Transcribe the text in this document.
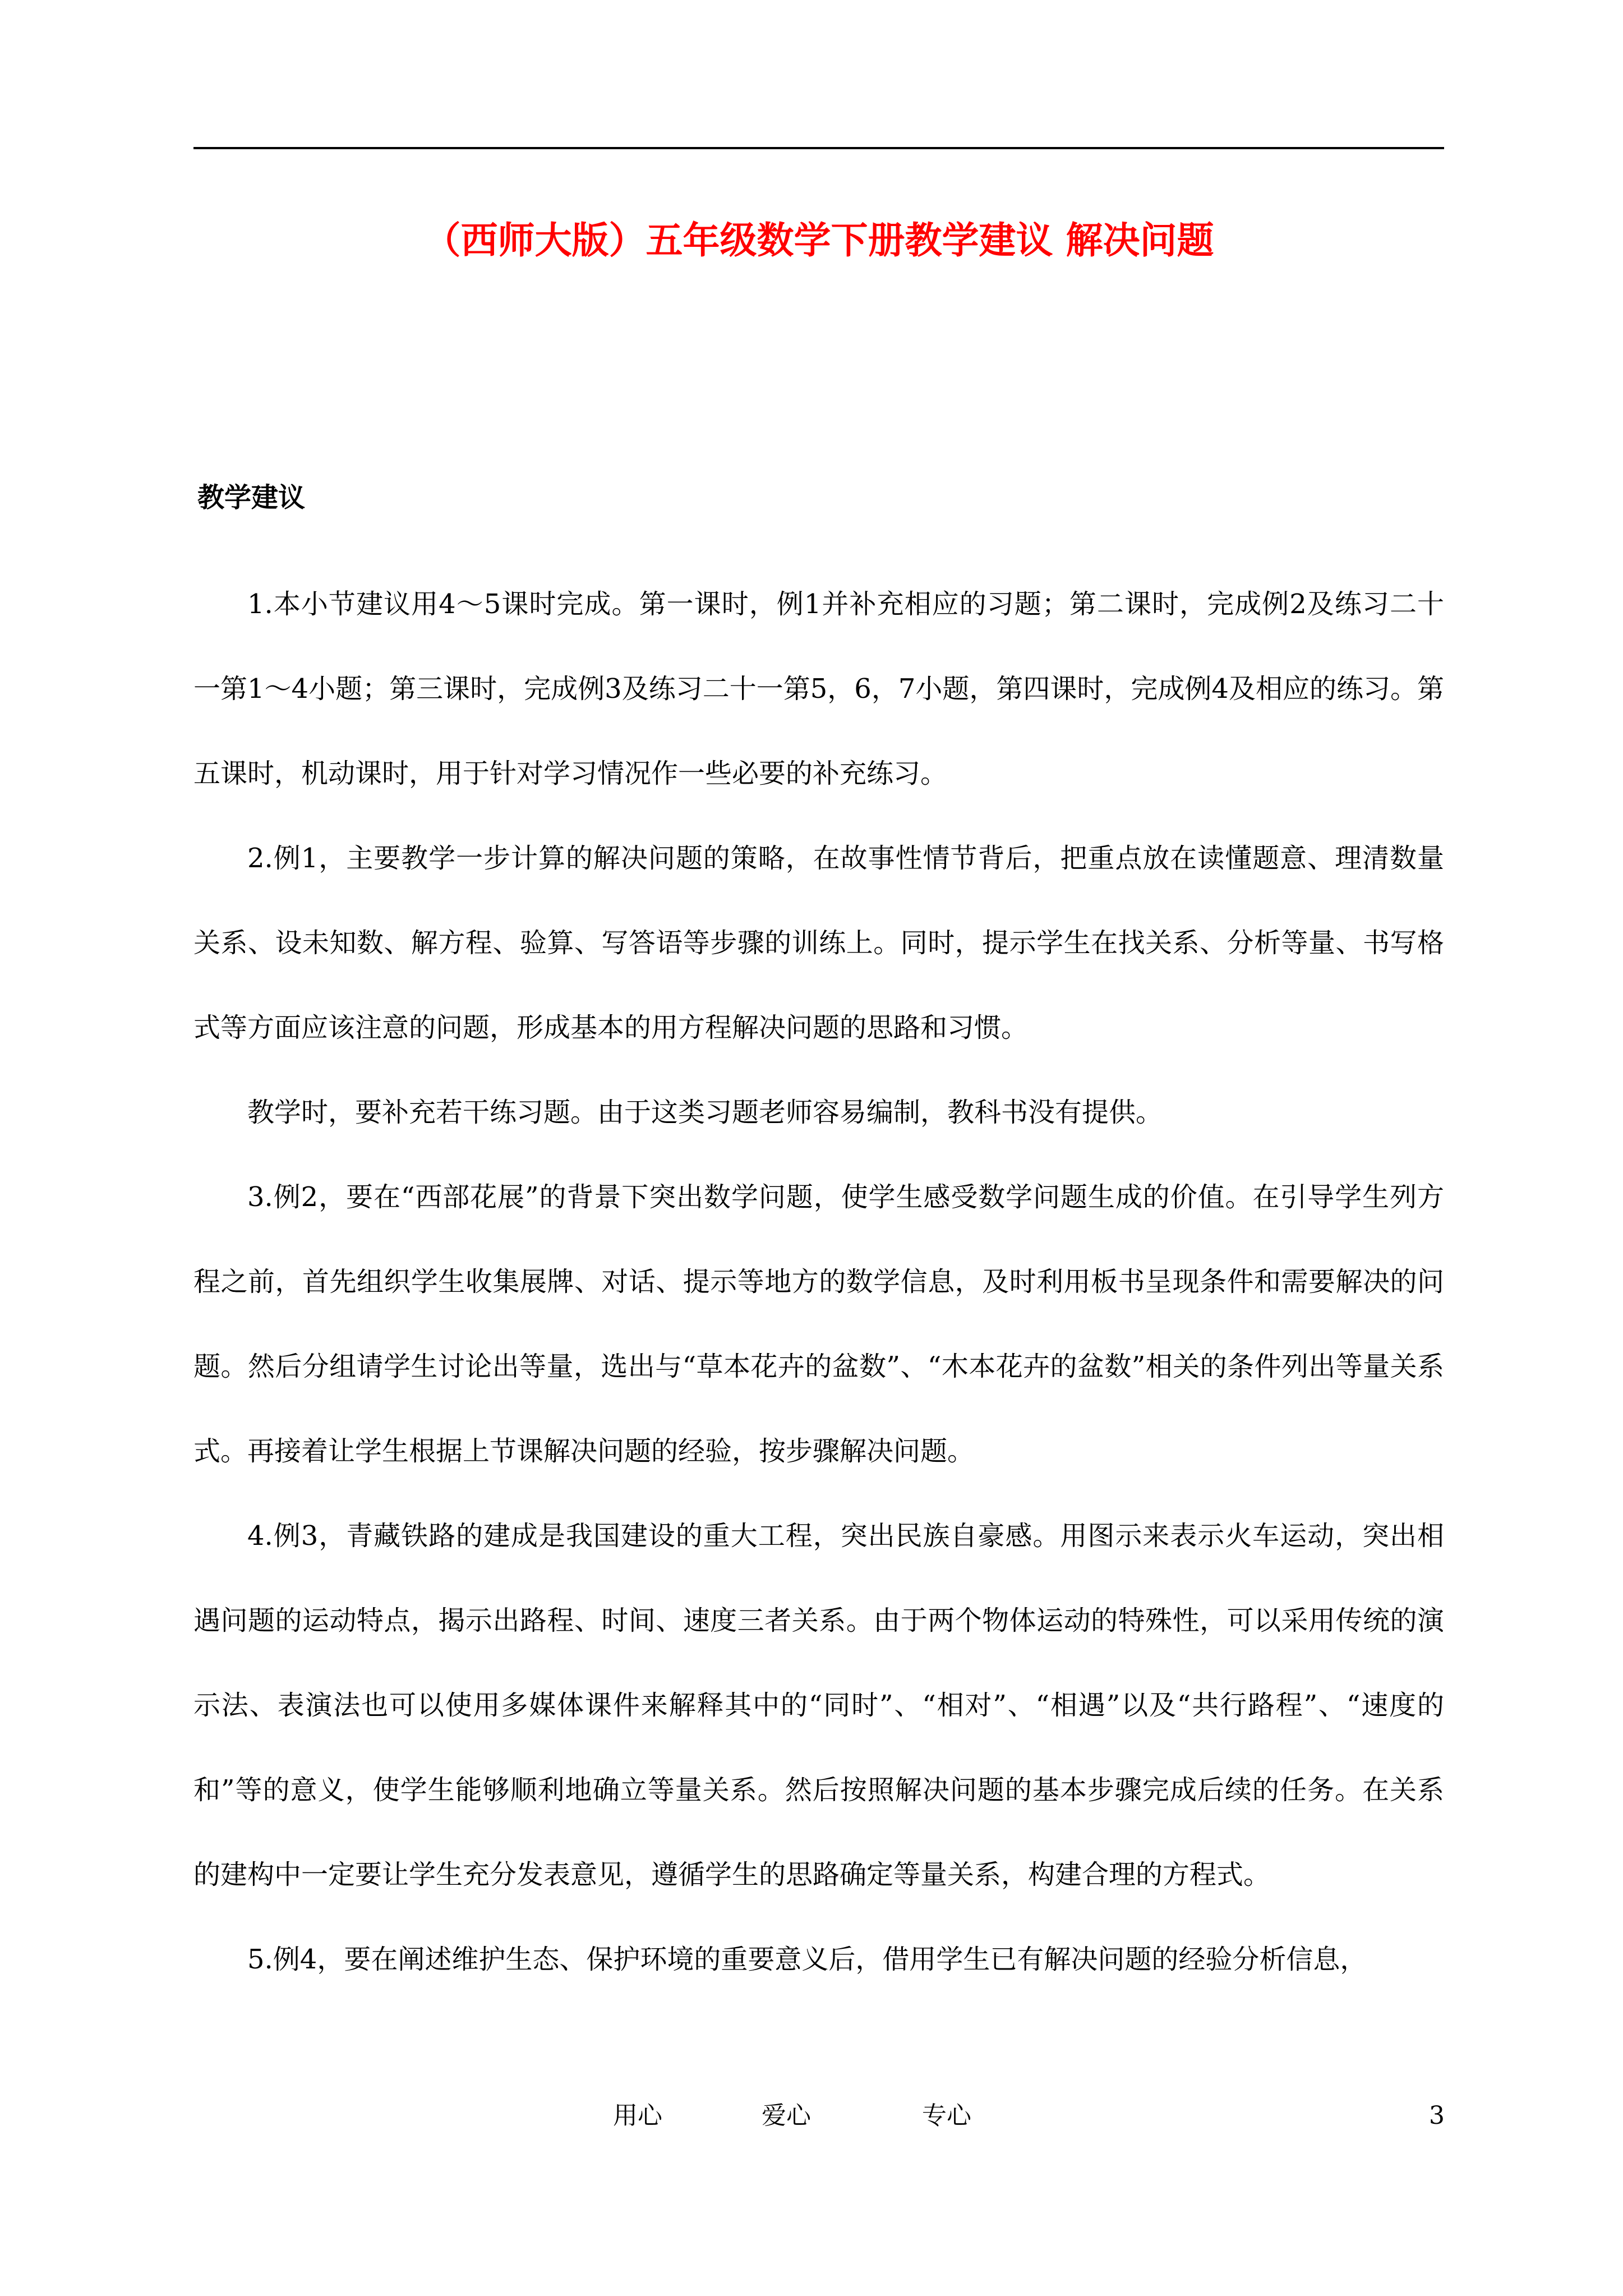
（西师大版）五年级数学下册教学建议 解决问题
教学建议

1.本小节建议用4～5课时完成。第一课时，例1并补充相应的习题；第二课时，完成例2及练习二十一第1～4小题；第三课时，完成例3及练习二十一第5，6，7小题，第四课时，完成例4及相应的练习。第五课时，机动课时，用于针对学习情况作一些必要的补充练习。

2.例1，主要教学一步计算的解决问题的策略，在故事性情节背后，把重点放在读懂题意、理清数量关系、设未知数、解方程、验算、写答语等步骤的训练上。同时，提示学生在找关系、分析等量、书写格式等方面应该注意的问题，形成基本的用方程解决问题的思路和习惯。

教学时，要补充若干练习题。由于这类习题老师容易编制，教科书没有提供。

3.例2，要在“西部花展”的背景下突出数学问题，使学生感受数学问题生成的价值。在引导学生列方程之前，首先组织学生收集展牌、对话、提示等地方的数学信息，及时利用板书呈现条件和需要解决的问题。然后分组请学生讨论出等量，选出与“草本花卉的盆数”、“木本花卉的盆数”相关的条件列出等量关系式。再接着让学生根据上节课解决问题的经验，按步骤解决问题。

4.例3，青藏铁路的建成是我国建设的重大工程，突出民族自豪感。用图示来表示火车运动，突出相遇问题的运动特点，揭示出路程、时间、速度三者关系。由于两个物体运动的特殊性，可以采用传统的演示法、表演法也可以使用多媒体课件来解释其中的“同时”、“相对”、“相遇”以及“共行路程”、“速度的和”等的意义，使学生能够顺利地确立等量关系。然后按照解决问题的基本步骤完成后续的任务。在关系的建构中一定要让学生充分发表意见，遵循学生的思路确定等量关系，构建合理的方程式。

5.例4，要在阐述维护生态、保护环境的重要意义后，借用学生已有解决问题的经验分析信息，

用心	爱心	专心	3
